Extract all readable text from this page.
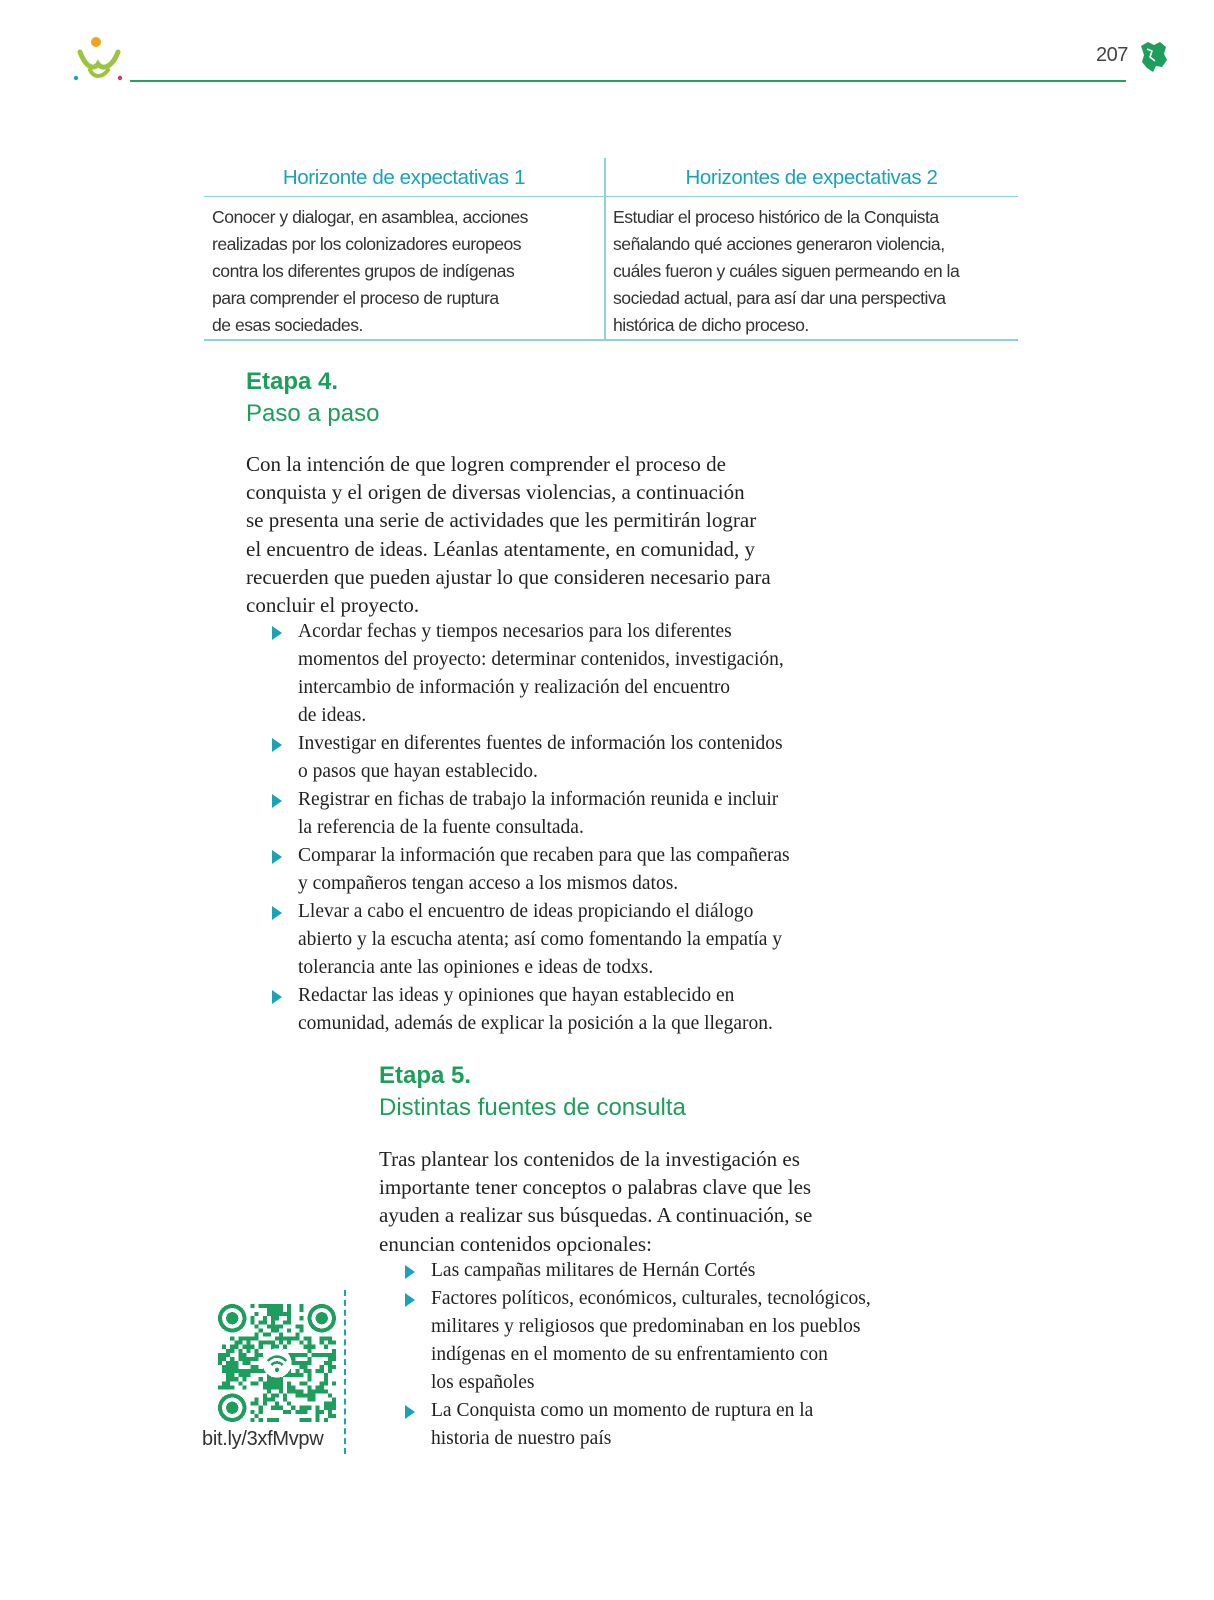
207
Horizonte de expectativas 1
Conocer y dialogar, en asamblea, acciones
realizadas por los colonizadores europeos
contra los diferentes grupos de indígenas
para comprender el proceso de ruptura
de esas sociedades.
Horizontes de expectativas 2
Estudiar el proceso histórico de la Conquista
señalando qué acciones generaron violencia,
cuáles fueron y cuáles siguen permeando en la
sociedad actual, para así dar una perspectiva
histórica de dicho proceso.
Etapa 4.
Paso a paso
Con la intención de que logren comprender el proceso de
conquista y el origen de diversas violencias, a continuación
se presenta una serie de actividades que les permitirán lograr
el encuentro de ideas. Léanlas atentamente, en comunidad, y
recuerden que pueden ajustar lo que consideren necesario para
concluir el proyecto.
Acordar fechas y tiempos necesarios para los diferentes
momentos del proyecto: determinar contenidos, investigación,
intercambio de información y realización del encuentro
de ideas.
Investigar en diferentes fuentes de información los contenidos
o pasos que hayan establecido.
Registrar en fichas de trabajo la información reunida e incluir
la referencia de la fuente consultada.
Comparar la información que recaben para que las compañeras
y compañeros tengan acceso a los mismos datos.
Llevar a cabo el encuentro de ideas propiciando el diálogo
abierto y la escucha atenta; así como fomentando la empatía y
tolerancia ante las opiniones e ideas de todxs.
Redactar las ideas y opiniones que hayan establecido en
comunidad, además de explicar la posición a la que llegaron.
Etapa 5.
Distintas fuentes de consulta
Tras plantear los contenidos de la investigación es
importante tener conceptos o palabras clave que les
ayuden a realizar sus búsquedas. A continuación, se
enuncian contenidos opcionales:
Las campañas militares de Hernán Cortés
Factores políticos, económicos, culturales, tecnológicos,
militares y religiosos que predominaban en los pueblos
indígenas en el momento de su enfrentamiento con
los españoles
La Conquista como un momento de ruptura en la
historia de nuestro país
bit.ly/3xfMvpw
